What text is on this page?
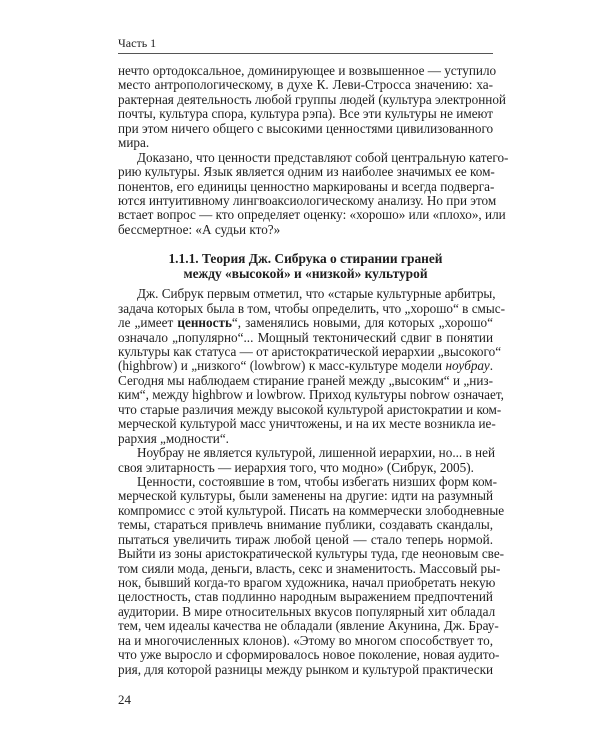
Часть 1
нечто ортодоксальное, доминирующее и возвышенное — уступило
место антропологическому, в духе К. Леви-Стросса значению: ха-
рактерная деятельность любой группы людей (культура электронной
почты, культура спора, культура рэпа). Все эти культуры не имеют
при этом ничего общего с высокими ценностями цивилизованного
мира.
Доказано, что ценности представляют собой центральную катего-
рию культуры. Язык является одним из наиболее значимых ее ком-
понентов, его единицы ценностно маркированы и всегда подверга-
ются интуитивному лингвоаксиологическому анализу. Но при этом
встает вопрос — кто определяет оценку: «хорошо» или «плохо», или
бессмертное: «А судьи кто?»
1.1.1. Теория Дж. Сибрука о стирании граней
между «высокой» и «низкой» культурой
Дж. Сибрук первым отметил, что «старые культурные арбитры,
задача которых была в том, чтобы определить, что „хорошо“ в смыс-
ле „имеет ценность“, заменялись новыми, для которых „хорошо“
означало „популярно“... Мощный тектонический сдвиг в понятии
культуры как статуса — от аристократической иерархии „высокого“
(highbrow) и „низкого“ (lowbrow) к масс-культуре модели ноубрау.
Сегодня мы наблюдаем стирание граней между „высоким“ и „низ-
ким“, между highbrow и lowbrow. Приход культуры nobrow означает,
что старые различия между высокой культурой аристократии и ком-
мерческой культурой масс уничтожены, и на их месте возникла ие-
рархия „модности“.
Ноубрау не является культурой, лишенной иерархии, но... в ней
своя элитарность — иерархия того, что модно» (Сибрук, 2005).
Ценности, состоявшие в том, чтобы избегать низших форм ком-
мерческой культуры, были заменены на другие: идти на разумный
компромисс с этой культурой. Писать на коммерчески злободневные
темы, стараться привлечь внимание публики, создавать скандалы,
пытаться увеличить тираж любой ценой — стало теперь нормой.
Выйти из зоны аристократической культуры туда, где неоновым све-
том сияли мода, деньги, власть, секс и знаменитость. Массовый ры-
нок, бывший когда-то врагом художника, начал приобретать некую
целостность, став подлинно народным выражением предпочтений
аудитории. В мире относительных вкусов популярный хит обладал
тем, чем идеалы качества не обладали (явление Акунина, Дж. Брау-
на и многочисленных клонов). «Этому во многом способствует то,
что уже выросло и сформировалось новое поколение, новая аудито-
рия, для которой разницы между рынком и культурой практически
24
